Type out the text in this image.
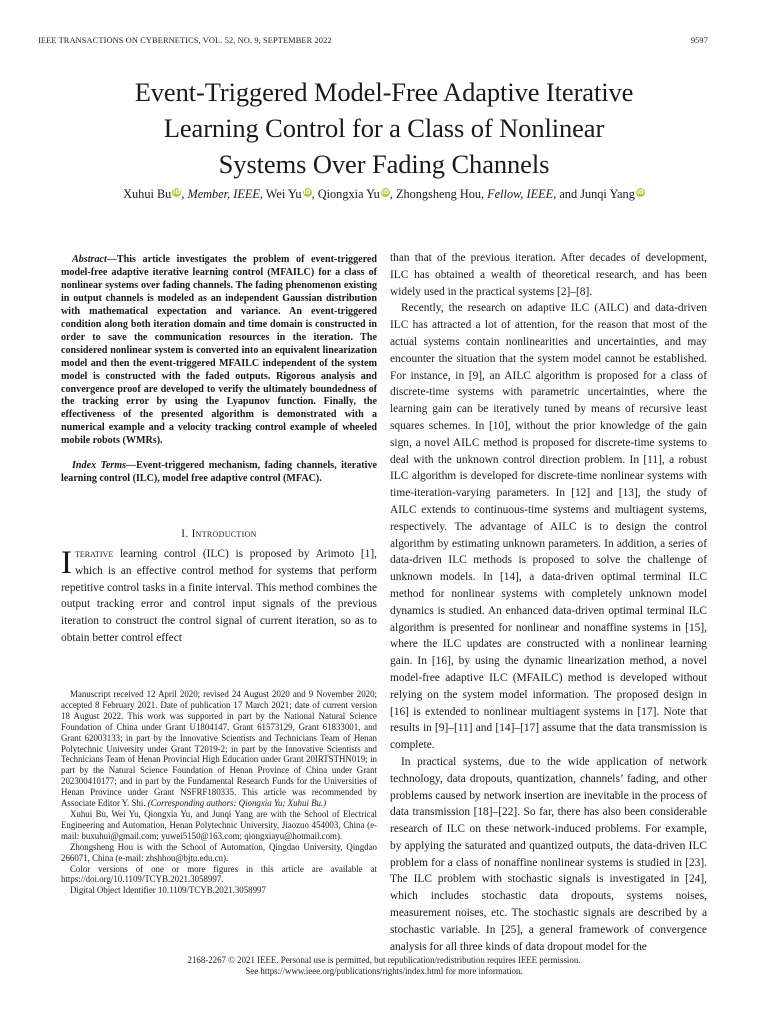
IEEE TRANSACTIONS ON CYBERNETICS, VOL. 52, NO. 9, SEPTEMBER 2022	9597
Event-Triggered Model-Free Adaptive Iterative
Learning Control for a Class of Nonlinear
Systems Over Fading Channels
Xuhui Bu iD, Member, IEEE, Wei Yu iD, Qiongxia Yu iD, Zhongsheng Hou, Fellow, IEEE, and Junqi Yang iD

Abstract—This article investigates the problem of event-triggered model-free adaptive iterative learning control (MFAILC) for a class of nonlinear systems over fading channels. The fading phenomenon existing in output channels is modeled as an independent Gaussian distribution with mathematical expectation and variance. An event-triggered condition along both iteration domain and time domain is constructed in order to save the communication resources in the iteration. The considered nonlinear system is converted into an equivalent linearization model and then the event-triggered MFAILC independent of the system model is constructed with the faded outputs. Rigorous analysis and convergence proof are developed to verify the ultimately boundedness of the tracking error by using the Lyapunov function. Finally, the effectiveness of the presented algorithm is demonstrated with a numerical example and a velocity tracking control example of wheeled mobile robots (WMRs).

Index Terms—Event-triggered mechanism, fading channels, iterative learning control (ILC), model free adaptive control (MFAC).

I. Introduction

Iterative learning control (ILC) is proposed by Arimoto [1], which is an effective control method for systems that perform repetitive control tasks in a finite interval. This method combines the output tracking error and control input signals of the previous iteration to construct the control signal of current iteration, so as to obtain better control effect

Manuscript received 12 April 2020; revised 24 August 2020 and 9 November 2020; accepted 8 February 2021. Date of publication 17 March 2021; date of current version 18 August 2022. This work was supported in part by the National Natural Science Foundation of China under Grant U1804147, Grant 61573129, Grant 61833001, and Grant 62003133; in part by the Innovative Scientists and Technicians Team of Henan Polytechnic University under Grant T2019-2; in part by the Innovative Scientists and Technicians Team of Henan Provincial High Education under Grant 20IRTSTHN019; in part by the Natural Science Foundation of Henan Province of China under Grant 202300410177; and in part by the Fundamental Research Funds for the Universities of Henan Province under Grant NSFRF180335. This article was recommended by Associate Editor Y. Shi. (Corresponding authors: Qiongxia Yu; Xuhui Bu.)

Xuhui Bu, Wei Yu, Qiongxia Yu, and Junqi Yang are with the School of Electrical Engineering and Automation, Henan Polytechnic University, Jiaozuo 454003, China (e-mail: buxuhui@gmail.com; yuwei5150@163.com; qiongxiayu@hotmail.com).

Zhongsheng Hou is with the School of Automation, Qingdao University, Qingdao 266071, China (e-mail: zhshhou@bjtu.edu.cn).

Color versions of one or more figures in this article are available at https://doi.org/10.1109/TCYB.2021.3058997.

Digital Object Identifier 10.1109/TCYB.2021.3058997

than that of the previous iteration. After decades of development, ILC has obtained a wealth of theoretical research, and has been widely used in the practical systems [2]–[8].

Recently, the research on adaptive ILC (AILC) and data-driven ILC has attracted a lot of attention, for the reason that most of the actual systems contain nonlinearities and uncertainties, and may encounter the situation that the system model cannot be established. For instance, in [9], an AILC algorithm is proposed for a class of discrete-time systems with parametric uncertainties, where the learning gain can be iteratively tuned by means of recursive least squares schemes. In [10], without the prior knowledge of the gain sign, a novel AILC method is proposed for discrete-time systems to deal with the unknown control direction problem. In [11], a robust ILC algorithm is developed for discrete-time nonlinear systems with time-iteration-varying parameters. In [12] and [13], the study of AILC extends to continuous-time systems and multiagent systems, respectively. The advantage of AILC is to design the control algorithm by estimating unknown parameters. In addition, a series of data-driven ILC methods is proposed to solve the challenge of unknown models. In [14], a data-driven optimal terminal ILC method for nonlinear systems with completely unknown model dynamics is studied. An enhanced data-driven optimal terminal ILC algorithm is presented for nonlinear and nonaffine systems in [15], where the ILC updates are constructed with a nonlinear learning gain. In [16], by using the dynamic linearization method, a novel model-free adaptive ILC (MFAILC) method is developed without relying on the system model information. The proposed design in [16] is extended to nonlinear multiagent systems in [17]. Note that results in [9]–[11] and [14]–[17] assume that the data transmission is complete.

In practical systems, due to the wide application of network technology, data dropouts, quantization, channels’ fading, and other problems caused by network insertion are inevitable in the process of data transmission [18]–[22]. So far, there has also been considerable research of ILC on these network-induced problems. For example, by applying the saturated and quantized outputs, the data-driven ILC problem for a class of nonaffine nonlinear systems is studied in [23]. The ILC problem with stochastic signals is investigated in [24], which includes stochastic data dropouts, systems noises, measurement noises, etc. The stochastic signals are described by a stochastic variable. In [25], a general framework of convergence analysis for all three kinds of data dropout model for the

2168-2267 © 2021 IEEE. Personal use is permitted, but republication/redistribution requires IEEE permission.
See https://www.ieee.org/publications/rights/index.html for more information.
